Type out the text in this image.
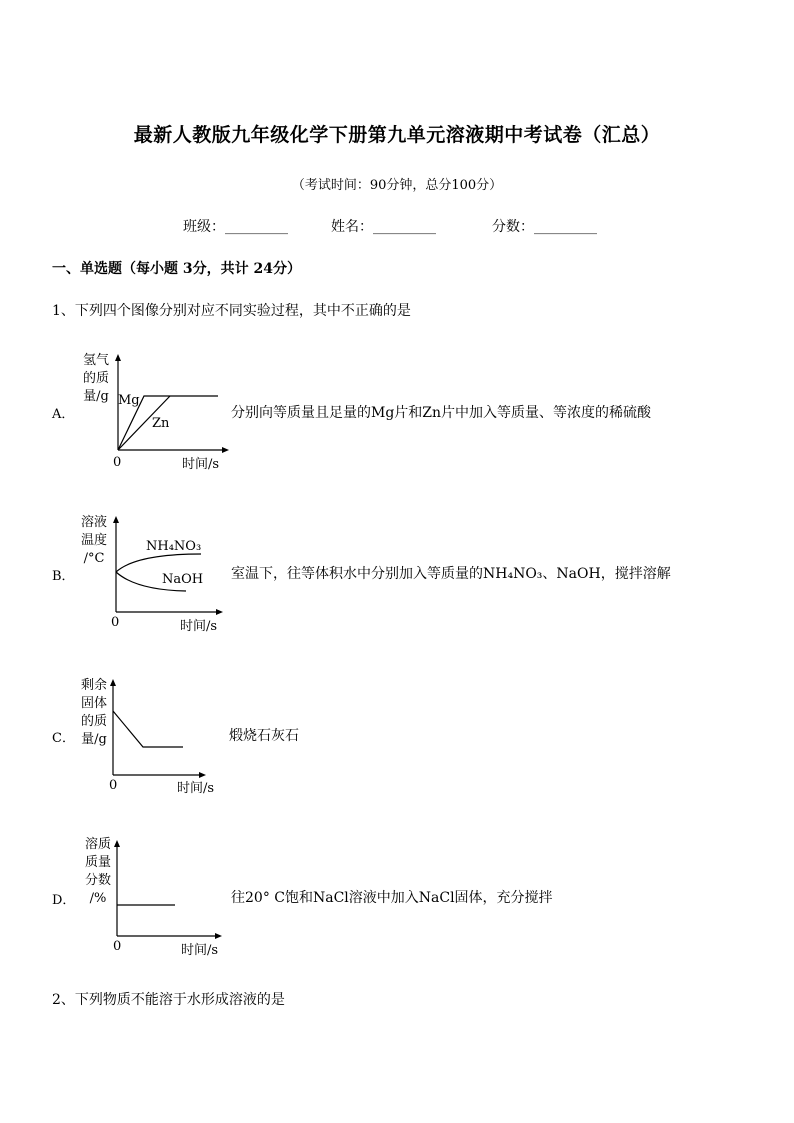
最新人教版九年级化学下册第九单元溶液期中考试卷（汇总）
（考试时间：90分钟，总分100分）
班级：_________	姓名：_________	分数：_________
一、单选题（每小题 3分，共计 24分）
1、下列四个图像分别对应不同实验过程，其中不正确的是
A．
氢气
的质
量/g Mg
Zn
0	时间/s
分别向等质量且足量的Mg片和Zn片中加入等质量、等浓度的稀硫酸
B．
溶液
温度
/°C
NH₄NO₃
NaOH
0	时间/s
室温下，往等体积水中分别加入等质量的NH₄NO₃、NaOH，搅拌溶解
C．
剩余
固体
的质
量/g
0	时间/s
煅烧石灰石
D．
溶质
质量
分数
/%
0	时间/s
往20° C饱和NaCl溶液中加入NaCl固体，充分搅拌
2、下列物质不能溶于水形成溶液的是
